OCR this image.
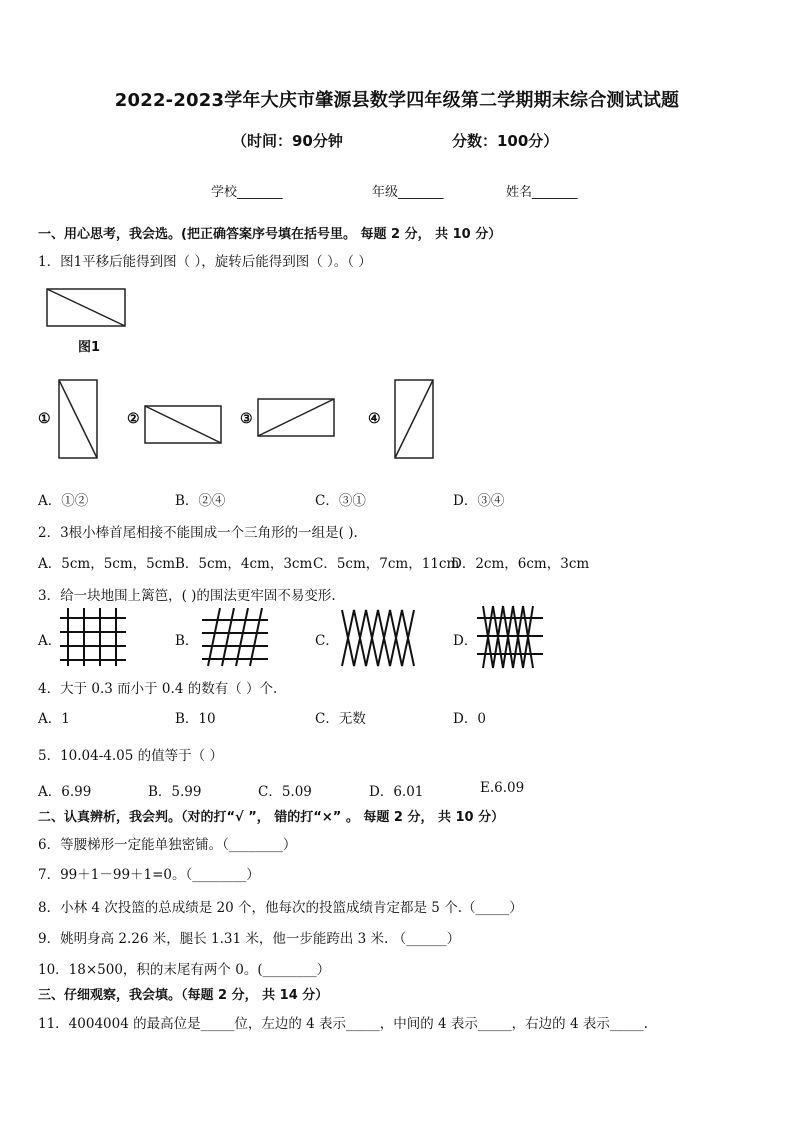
2022-2023学年大庆市肇源县数学四年级第二学期期末综合测试试题
（时间：90分钟	分数：100分）
学校_______	年级_______	姓名_______
一、用心思考，我会选。(把正确答案序号填在括号里。 每题 2 分， 共 10 分）
1．图1平移后能得到图（ ），旋转后能得到图（ ）。（ ）
图1
①	②	③	④
A．①②	B．②④	C．③①	D．③④
2．3根小棒首尾相接不能围成一个三角形的一组是( ).
A．5cm，5cm，5cm B．5cm，4cm，3cm C．5cm，7cm，11cm
D．2cm，6cm，3cm
3．给一块地围上篱笆，( )的围法更牢固不易变形.
A．	B．	C．	D．
4．大于 0.3 而小于 0.4 的数有（ ）个.
A．1	B．10	C．无数	D．0
5．10.04-4.05 的值等于（ ）
A．6.99	B．5.99	C．5.09	D．6.01	E.6.09
二、认真辨析，我会判。（对的打“√ ”， 错的打“×” 。 每题 2 分， 共 10 分）
6．等腰梯形一定能单独密铺。（________）
7．99＋1－99＋1=0。（________）
8．小林 4 次投篮的总成绩是 20 个，他每次的投篮成绩肯定都是 5 个.（_____）
9．姚明身高 2.26 米，腿长 1.31 米，他一步能跨出 3 米. （______）
10．18×500，积的末尾有两个 0。(________）
三、仔细观察，我会填。（每题 2 分， 共 14 分）
11．4004004 的最高位是_____位，左边的 4 表示_____，中间的 4 表示_____，右边的 4 表示_____.
